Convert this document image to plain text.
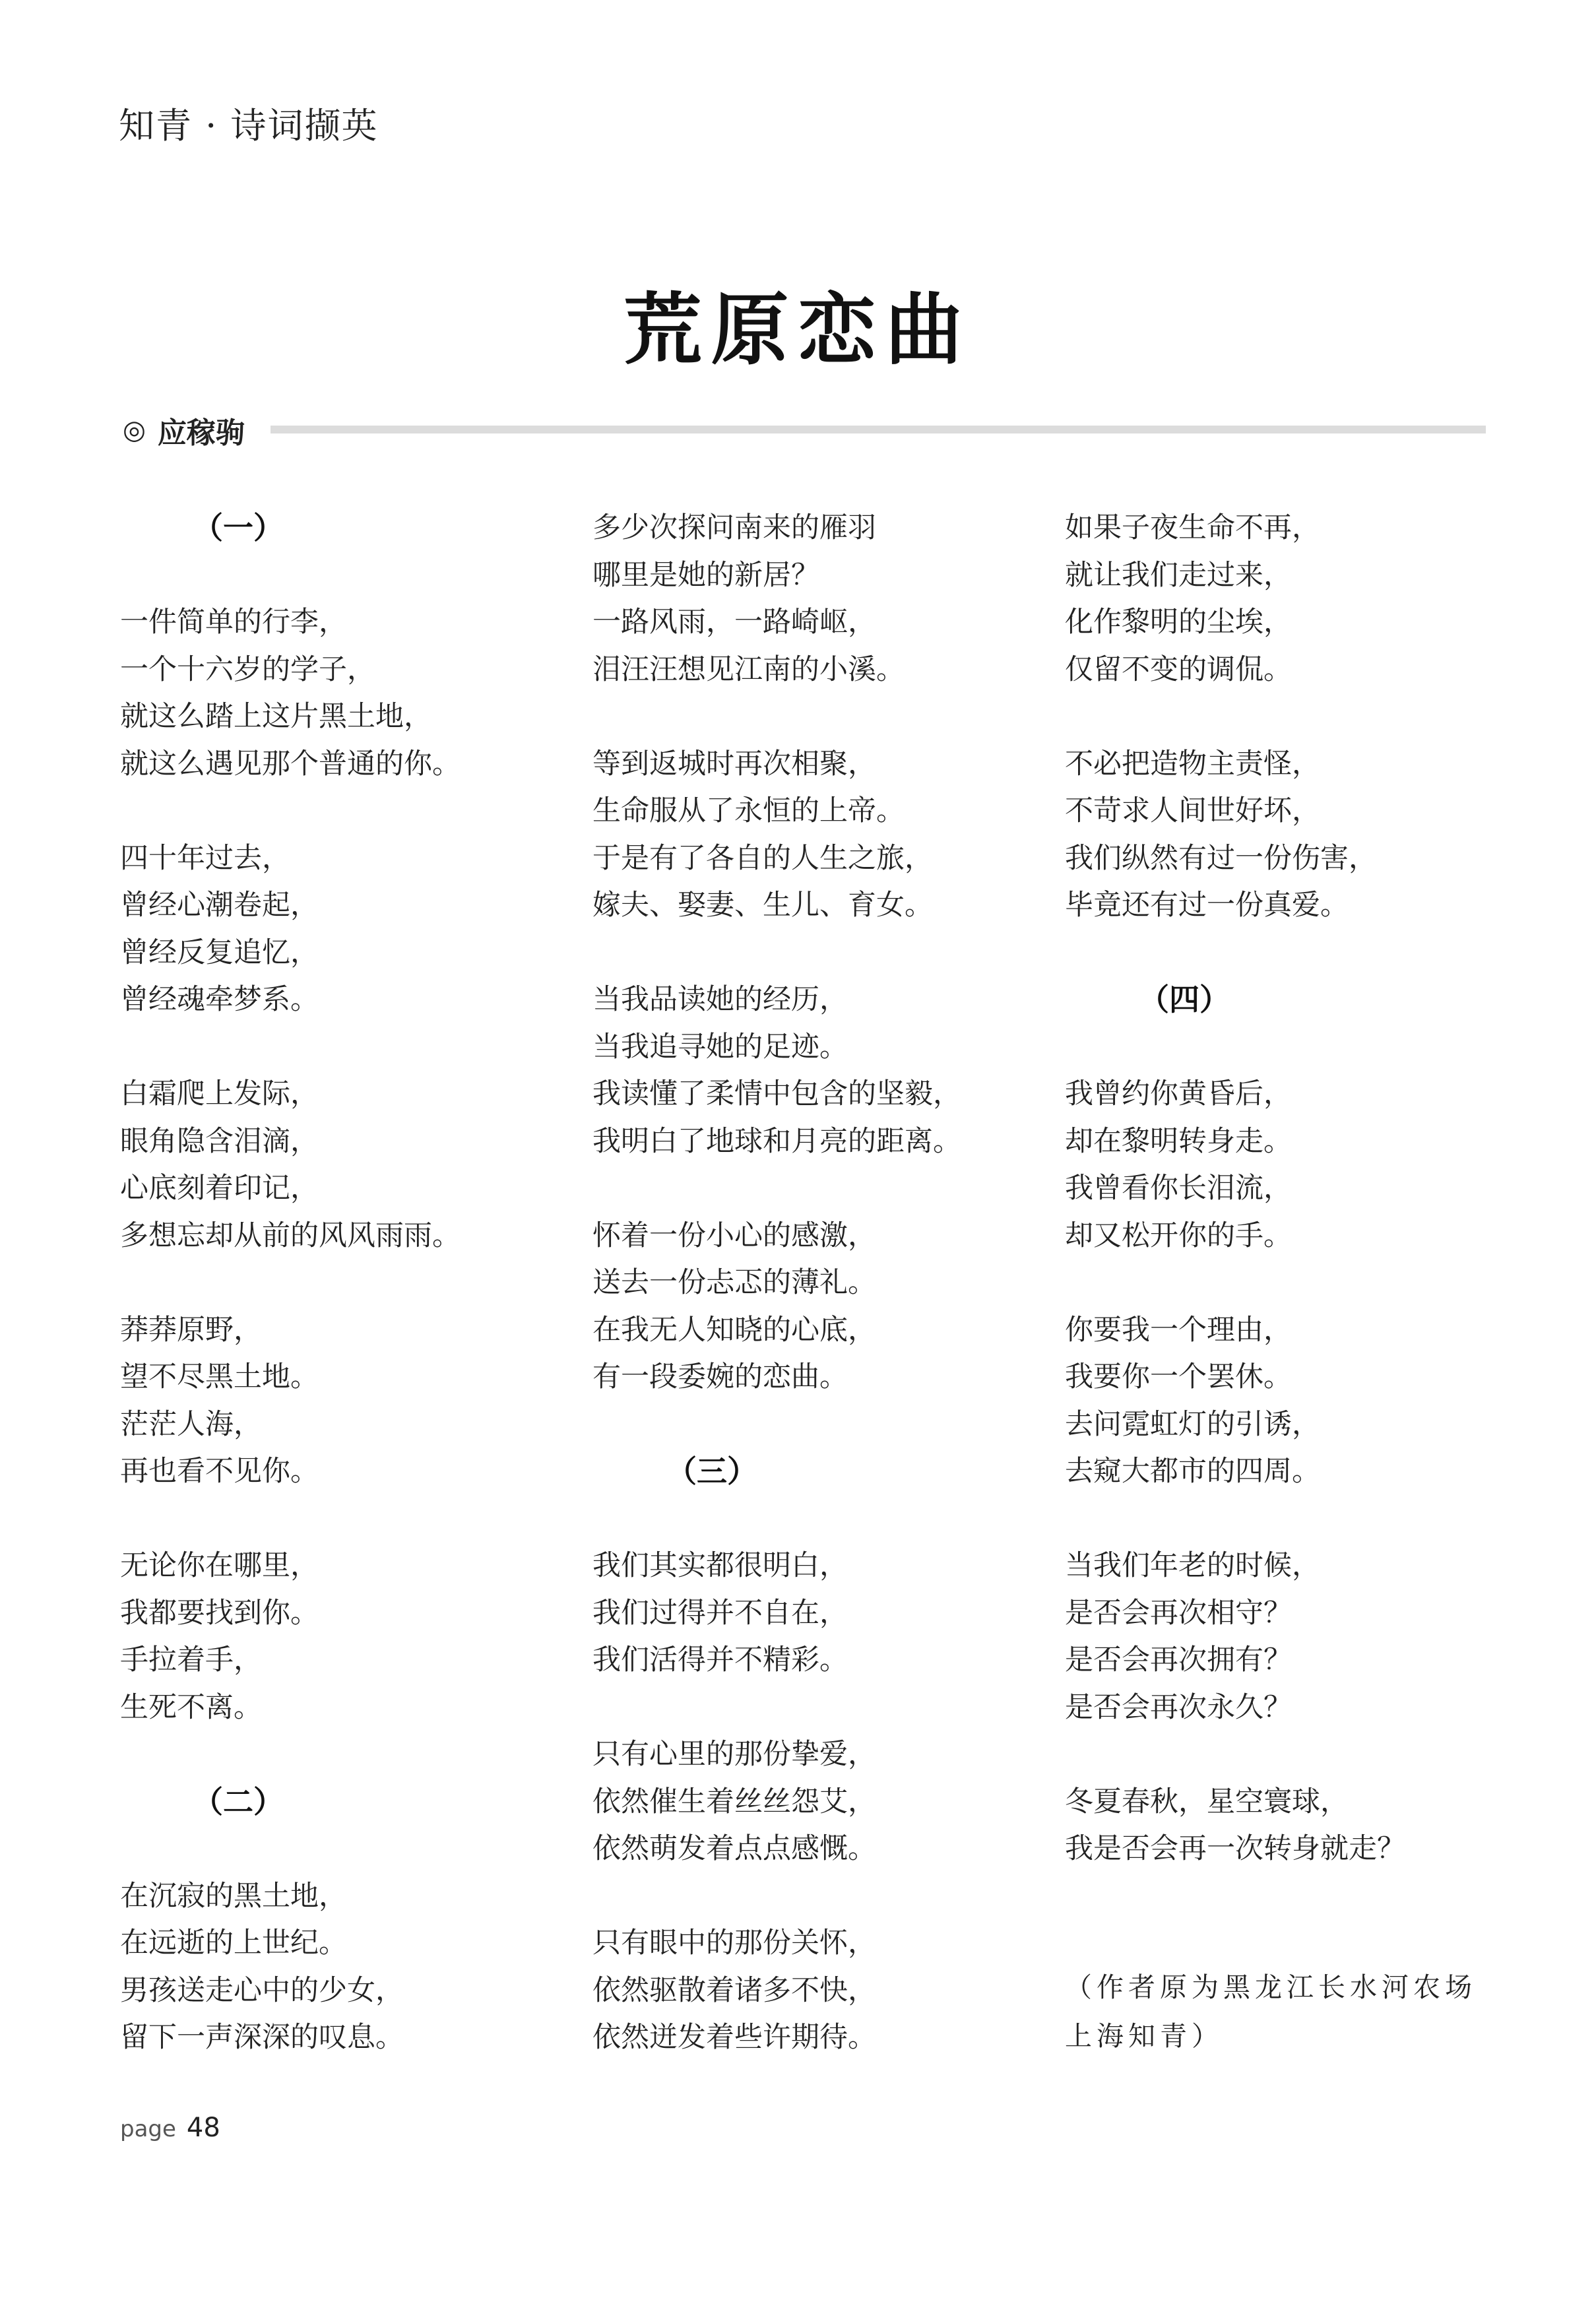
知青 · 诗词撷英
荒原恋曲
◎ 应稼驹
（一）
一件简单的行李，
一个十六岁的学子，
就这么踏上这片黑土地，
就这么遇见那个普通的你。
四十年过去，
曾经心潮卷起，
曾经反复追忆，
曾经魂牵梦系。
白霜爬上发际，
眼角隐含泪滴，
心底刻着印记，
多想忘却从前的风风雨雨。
莽莽原野，
望不尽黑土地。
茫茫人海，
再也看不见你。
无论你在哪里，
我都要找到你。
手拉着手，
生死不离。
（二）
在沉寂的黑土地，
在远逝的上世纪。
男孩送走心中的少女，
留下一声深深的叹息。
多少次探问南来的雁羽
哪里是她的新居？
一路风雨，一路崎岖，
泪汪汪想见江南的小溪。
等到返城时再次相聚，
生命服从了永恒的上帝。
于是有了各自的人生之旅，
嫁夫、娶妻、生儿、育女。
当我品读她的经历，
当我追寻她的足迹。
我读懂了柔情中包含的坚毅，
我明白了地球和月亮的距离。
怀着一份小心的感激，
送去一份忐忑的薄礼。
在我无人知晓的心底，
有一段委婉的恋曲。
（三）
我们其实都很明白，
我们过得并不自在，
我们活得并不精彩。
只有心里的那份挚爱，
依然催生着丝丝怨艾，
依然萌发着点点感慨。
只有眼中的那份关怀，
依然驱散着诸多不快，
依然迸发着些许期待。
如果子夜生命不再，
就让我们走过来，
化作黎明的尘埃，
仅留不变的调侃。
不必把造物主责怪，
不苛求人间世好坏，
我们纵然有过一份伤害，
毕竟还有过一份真爱。
（四）
我曾约你黄昏后，
却在黎明转身走。
我曾看你长泪流，
却又松开你的手。
你要我一个理由，
我要你一个罢休。
去问霓虹灯的引诱，
去窥大都市的四周。
当我们年老的时候，
是否会再次相守？
是否会再次拥有？
是否会再次永久？
冬夏春秋，星空寰球，
我是否会再一次转身就走？
（作者原为黑龙江长水河农场
上海知青）
page 48
